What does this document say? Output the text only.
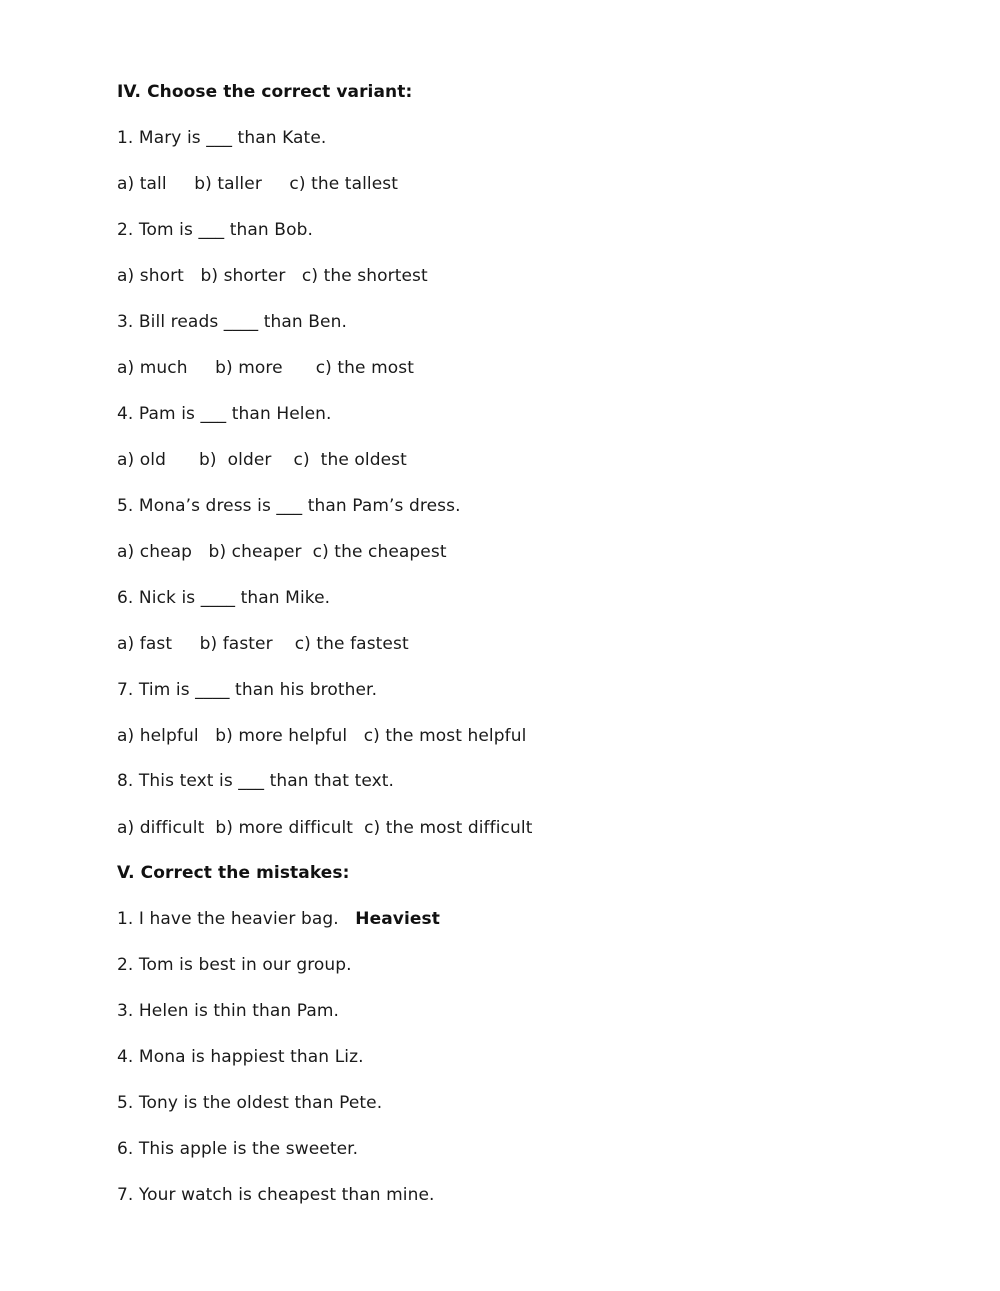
IV. Choose the correct variant:
1. Mary is ___ than Kate.
a) tall     b) taller     c) the tallest
2. Tom is ___ than Bob.
a) short   b) shorter   c) the shortest
3. Bill reads ____ than Ben.
a) much     b) more      c) the most
4. Pam is ___ than Helen.
a) old      b)  older    c)  the oldest
5. Mona’s dress is ___ than Pam’s dress.
a) cheap   b) cheaper  c) the cheapest
6. Nick is ____ than Mike.
a) fast     b) faster    c) the fastest
7. Tim is ____ than his brother.
a) helpful   b) more helpful   c) the most helpful
8. This text is ___ than that text.
a) difficult  b) more difficult  c) the most difficult
V. Correct the mistakes:
1. I have the heavier bag.   Heaviest
2. Tom is best in our group.
3. Helen is thin than Pam.
4. Mona is happiest than Liz.
5. Tony is the oldest than Pete.
6. This apple is the sweeter.
7. Your watch is cheapest than mine.
